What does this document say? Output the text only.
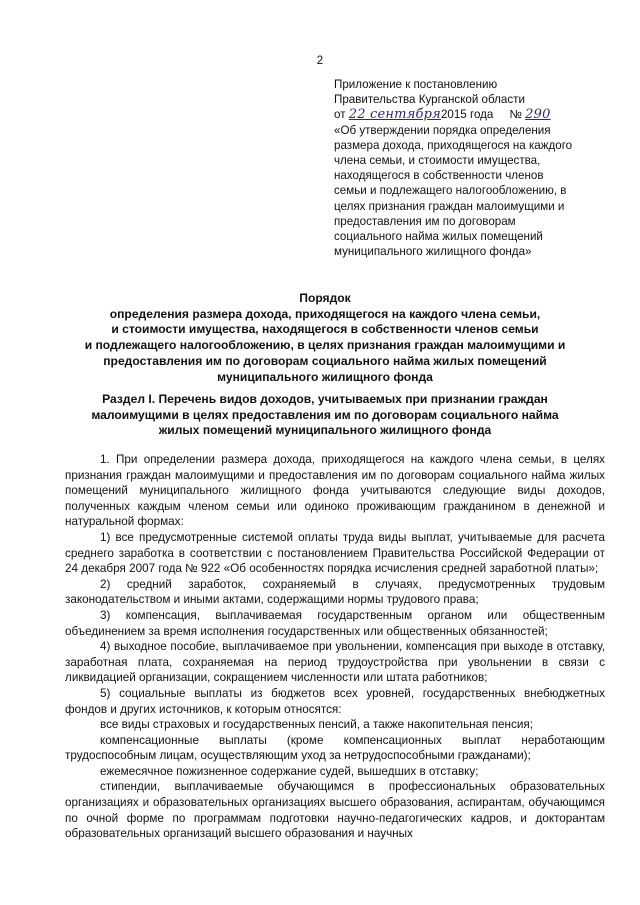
2
Приложение к постановлению
Правительства Курганской области
от 22 сентября2015 года № 290
«Об утверждении порядка определения
размера дохода, приходящегося на каждого
члена семьи, и стоимости имущества,
находящегося в собственности членов
семьи и подлежащего налогообложению, в
целях признания граждан малоимущими и
предоставления им по договорам
социального найма жилых помещений
муниципального жилищного фонда»
Порядок
определения размера дохода, приходящегося на каждого члена семьи,
и стоимости имущества, находящегося в собственности членов семьи
и подлежащего налогообложению, в целях признания граждан малоимущими и
предоставления им по договорам социального найма жилых помещений
муниципального жилищного фонда
Раздел I. Перечень видов доходов, учитываемых при признании граждан
малоимущими в целях предоставления им по договорам социального найма
жилых помещений муниципального жилищного фонда

1. При определении размера дохода, приходящегося на каждого члена семьи, в целях признания граждан малоимущими и предоставления им по договорам социального найма жилых помещений муниципального жилищного фонда учитываются следующие виды доходов, полученных каждым членом семьи или одиноко проживающим гражданином в денежной и натуральной формах:

1) все предусмотренные системой оплаты труда виды выплат, учитываемые для расчета среднего заработка в соответствии с постановлением Правительства Российской Федерации от 24 декабря 2007 года № 922 «Об особенностях порядка исчисления средней заработной платы»;

2) средний заработок, сохраняемый в случаях, предусмотренных трудовым законодательством и иными актами, содержащими нормы трудового права;

3) компенсация, выплачиваемая государственным органом или общественным объединением за время исполнения государственных или общественных обязанностей;

4) выходное пособие, выплачиваемое при увольнении, компенсация при выходе в отставку, заработная плата, сохраняемая на период трудоустройства при увольнении в связи с ликвидацией организации, сокращением численности или штата работников;

5) социальные выплаты из бюджетов всех уровней, государственных внебюджетных фондов и других источников, к которым относятся:

все виды страховых и государственных пенсий, а также накопительная пенсия;

компенсационные выплаты (кроме компенсационных выплат неработающим трудоспособным лицам, осуществляющим уход за нетрудоспособными гражданами);

ежемесячное пожизненное содержание судей, вышедших в отставку;

стипендии, выплачиваемые обучающимся в профессиональных образовательных организациях и образовательных организациях высшего образования, аспирантам, обучающимся по очной форме по программам подготовки научно-педагогических кадров, и докторантам образовательных организаций высшего образования и научных
